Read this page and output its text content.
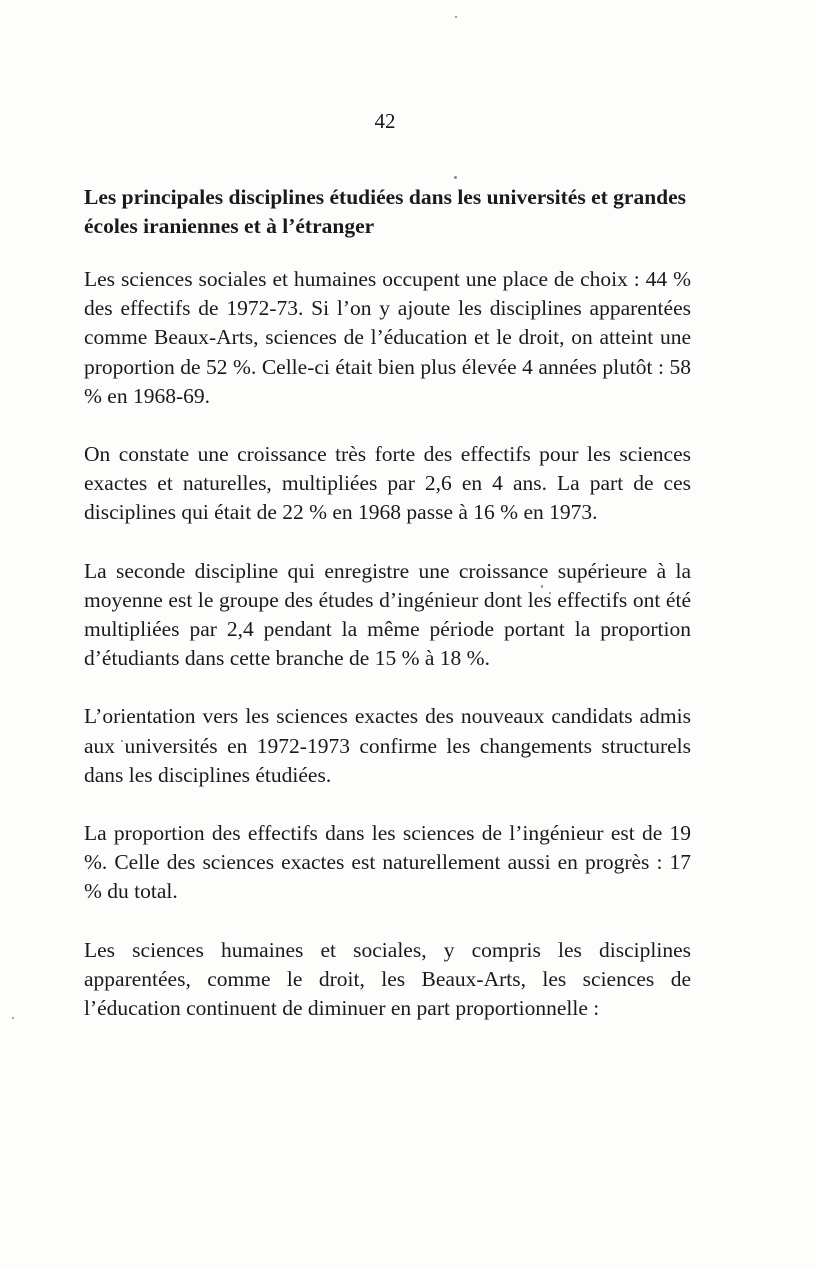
42
Les principales disciplines étudiées dans les universités et grandes écoles iraniennes et à l’étranger

Les sciences sociales et humaines occupent une place de choix : 44 % des effectifs de 1972-73. Si l’on y ajoute les disciplines apparentées comme Beaux-Arts, sciences de l’éducation et le droit, on atteint une proportion de 52 %. Celle-ci était bien plus élevée 4 années plutôt : 58 % en 1968-69.

On constate une croissance très forte des effectifs pour les sciences exactes et naturelles, multipliées par 2,6 en 4 ans. La part de ces disciplines qui était de 22 % en 1968 passe à 16 % en 1973.

La seconde discipline qui enregistre une croissance supérieure à la moyenne est le groupe des études d’ingénieur dont les effectifs ont été multipliées par 2,4 pendant la même période portant la proportion d’étudiants dans cette branche de 15 % à 18 %.

L’orientation vers les sciences exactes des nouveaux candidats admis aux universités en 1972-1973 confirme les changements structurels dans les disciplines étudiées.

La proportion des effectifs dans les sciences de l’ingénieur est de 19 %. Celle des sciences exactes est naturellement aussi en progrès : 17 % du total.

Les sciences humaines et sociales, y compris les disciplines apparentées, comme le droit, les Beaux-Arts, les sciences de l’éducation continuent de diminuer en part proportionnelle :
